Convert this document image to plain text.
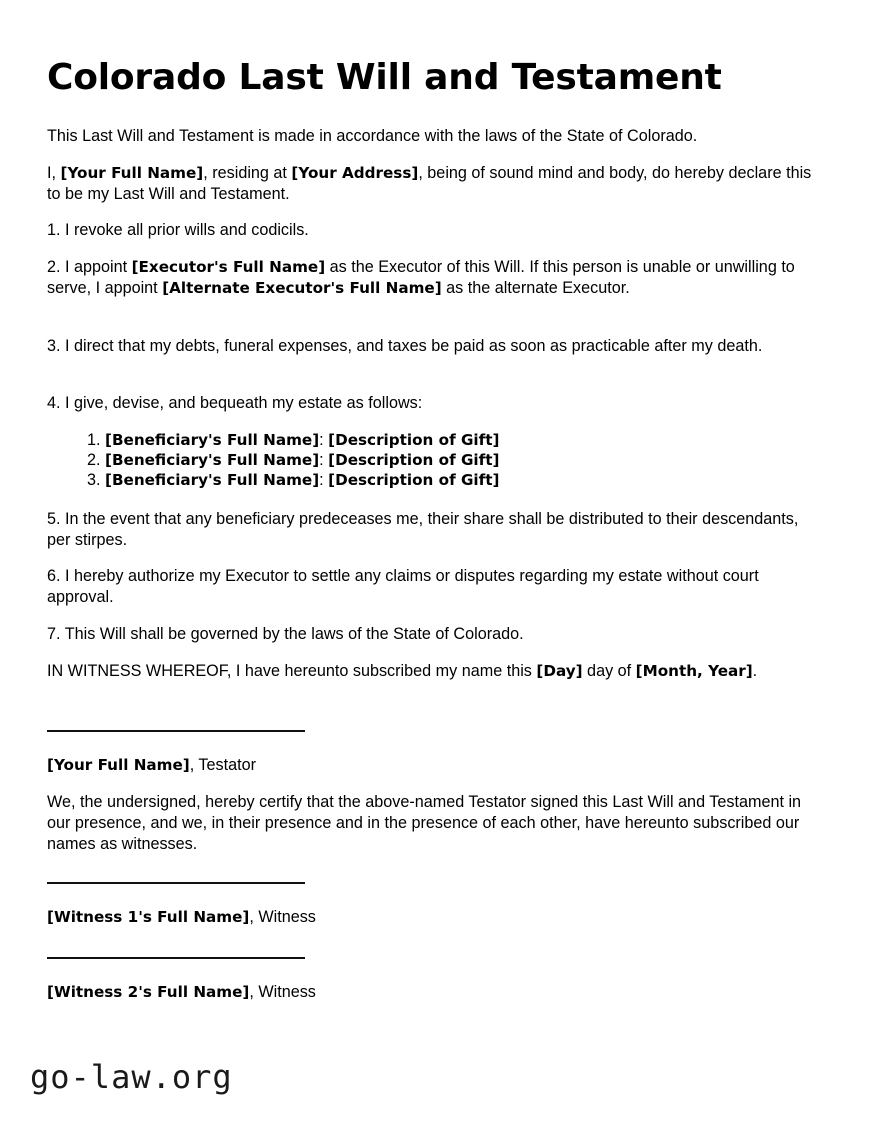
Colorado Last Will and Testament

This Last Will and Testament is made in accordance with the laws of the State of Colorado.

I, [Your Full Name], residing at [Your Address], being of sound mind and body, do hereby declare this to be my Last Will and Testament.

1. I revoke all prior wills and codicils.

2. I appoint [Executor's Full Name] as the Executor of this Will. If this person is unable or unwilling to serve, I appoint [Alternate Executor's Full Name] as the alternate Executor.

3. I direct that my debts, funeral expenses, and taxes be paid as soon as practicable after my death.

4. I give, devise, and bequeath my estate as follows:

1. [Beneficiary's Full Name]: [Description of Gift]
2. [Beneficiary's Full Name]: [Description of Gift]
3. [Beneficiary's Full Name]: [Description of Gift]

5. In the event that any beneficiary predeceases me, their share shall be distributed to their descendants, per stirpes.

6. I hereby authorize my Executor to settle any claims or disputes regarding my estate without court approval.

7. This Will shall be governed by the laws of the State of Colorado.

IN WITNESS WHEREOF, I have hereunto subscribed my name this [Day] day of [Month, Year].

[Your Full Name], Testator

We, the undersigned, hereby certify that the above-named Testator signed this Last Will and Testament in our presence, and we, in their presence and in the presence of each other, have hereunto subscribed our names as witnesses.

[Witness 1's Full Name], Witness

[Witness 2's Full Name], Witness

go-law.org
